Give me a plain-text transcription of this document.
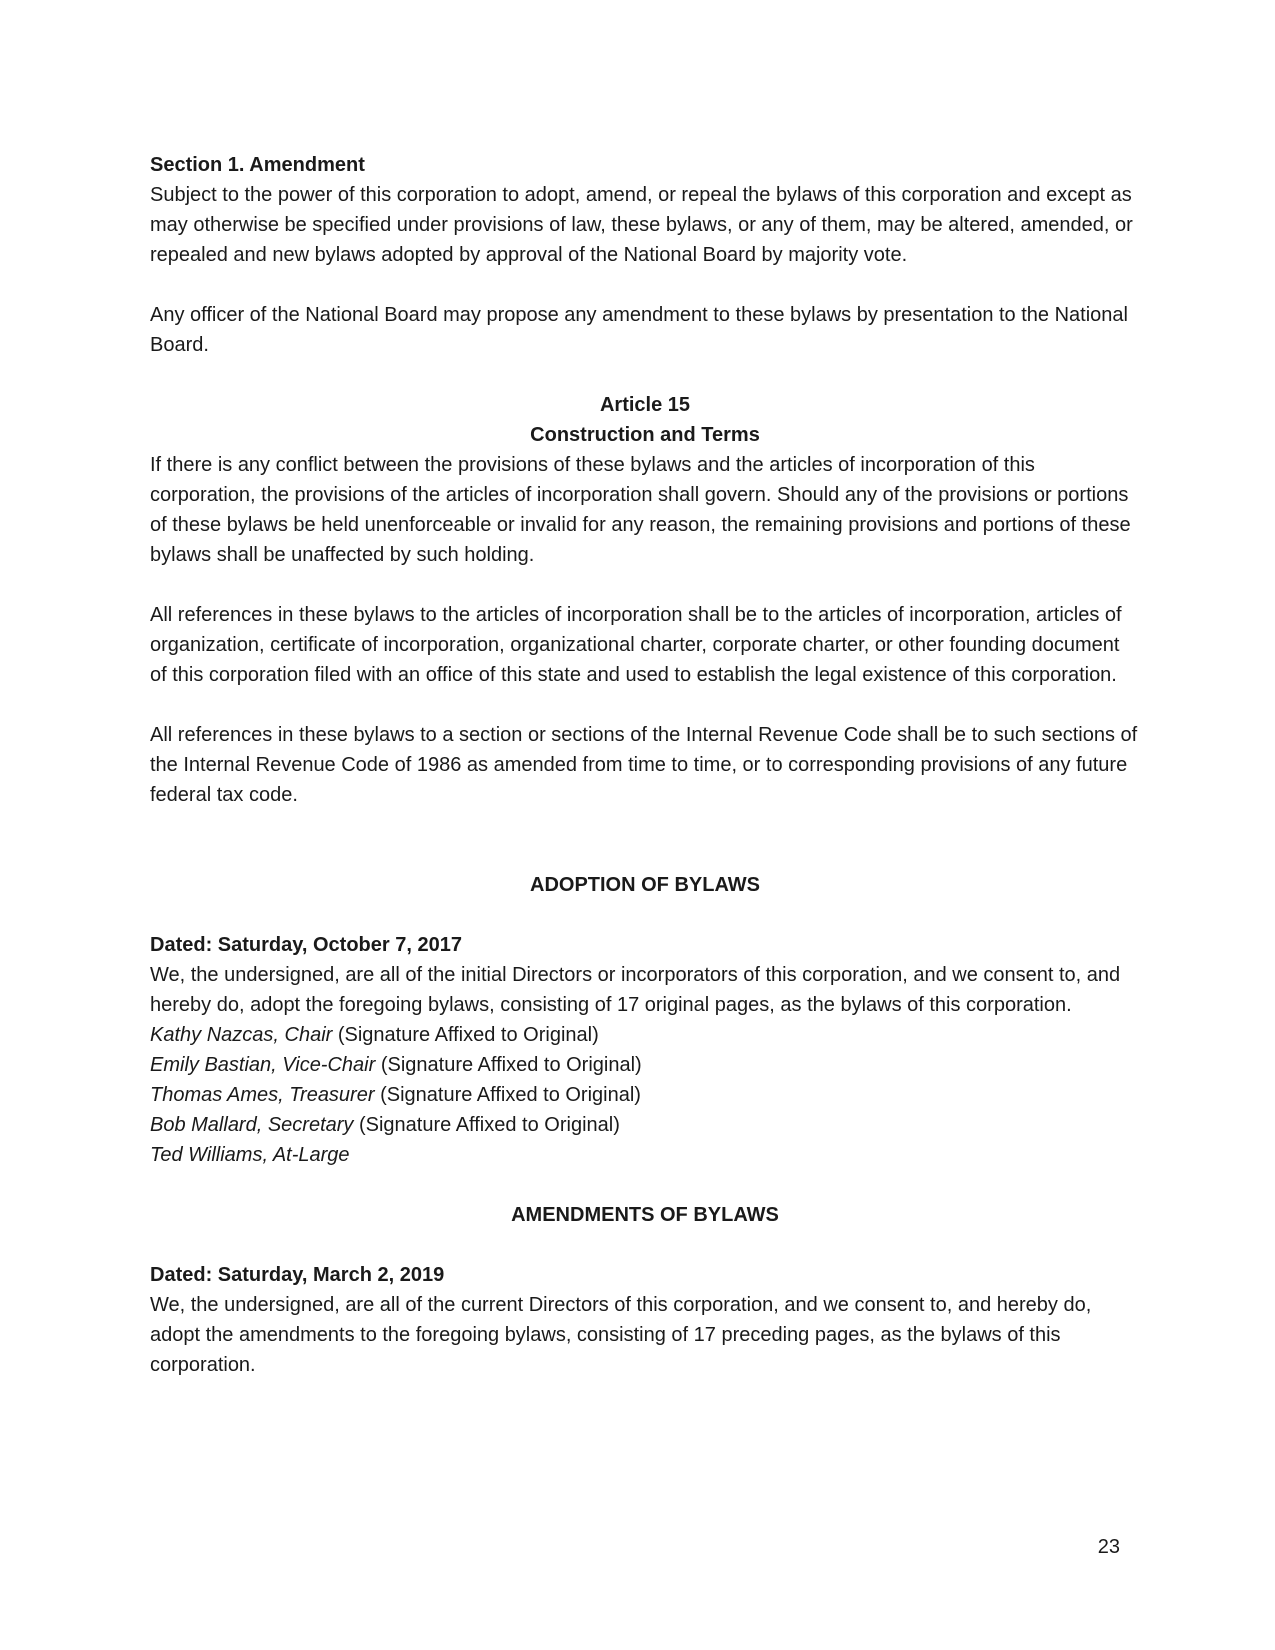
Section 1. Amendment

Subject to the power of this corporation to adopt, amend, or repeal the bylaws of this corporation and except as may otherwise be specified under provisions of law, these bylaws, or any of them, may be altered, amended, or repealed and new bylaws adopted by approval of the National Board by majority vote.

Any officer of the National Board may propose any amendment to these bylaws by presentation to the National Board.

Article 15

Construction and Terms

If there is any conflict between the provisions of these bylaws and the articles of incorporation of this corporation, the provisions of the articles of incorporation shall govern. Should any of the provisions or portions of these bylaws be held unenforceable or invalid for any reason, the remaining provisions and portions of these bylaws shall be unaffected by such holding.

All references in these bylaws to the articles of incorporation shall be to the articles of incorporation, articles of organization, certificate of incorporation, organizational charter, corporate charter, or other founding document of this corporation filed with an office of this state and used to establish the legal existence of this corporation.

All references in these bylaws to a section or sections of the Internal Revenue Code shall be to such sections of the Internal Revenue Code of 1986 as amended from time to time, or to corresponding provisions of any future federal tax code.

ADOPTION OF BYLAWS

Dated: Saturday, October 7, 2017

We, the undersigned, are all of the initial Directors or incorporators of this corporation, and we consent to, and hereby do, adopt the foregoing bylaws, consisting of 17 original pages, as the bylaws of this corporation.

Kathy Nazcas, Chair (Signature Affixed to Original)

Emily Bastian, Vice-Chair (Signature Affixed to Original)

Thomas Ames, Treasurer (Signature Affixed to Original)

Bob Mallard, Secretary (Signature Affixed to Original)

Ted Williams, At-Large

AMENDMENTS OF BYLAWS

Dated: Saturday, March 2, 2019

We, the undersigned, are all of the current Directors of this corporation, and we consent to, and hereby do, adopt the amendments to the foregoing bylaws, consisting of 17 preceding pages, as the bylaws of this corporation.

23
